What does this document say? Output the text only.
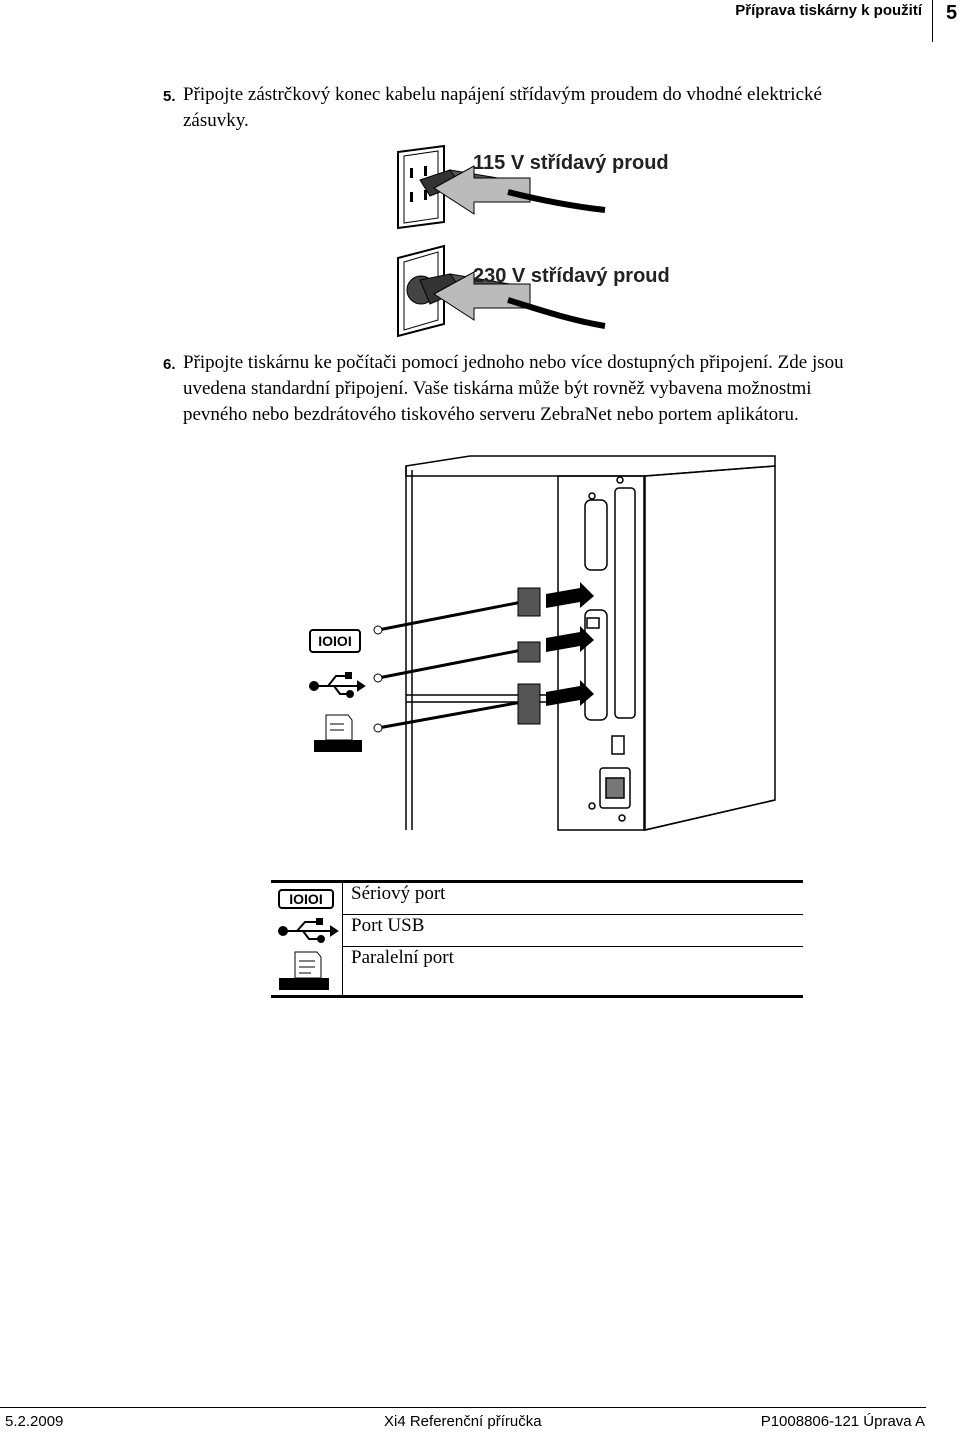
Příprava tiskárny k použití 5
5. Připojte zástrčkový konec kabelu napájení střídavým proudem do vhodné elektrické
zásuvky.
115 V střídavý proud
230 V střídavý proud
6. Připojte tiskárnu ke počítači pomocí jednoho nebo více dostupných připojení. Zde jsou
uvedena standardní připojení. Vaše tiskárna může být rovněž vybavena možnostmi
pevného nebo bezdrátového tiskového serveru ZebraNet nebo portem aplikátoru.
IOIOI
IOIOI Sériový port
Port USB
Paralelní port
5.2.2009	Xi4 Referenční příručka	P1008806-121 Úprava A
